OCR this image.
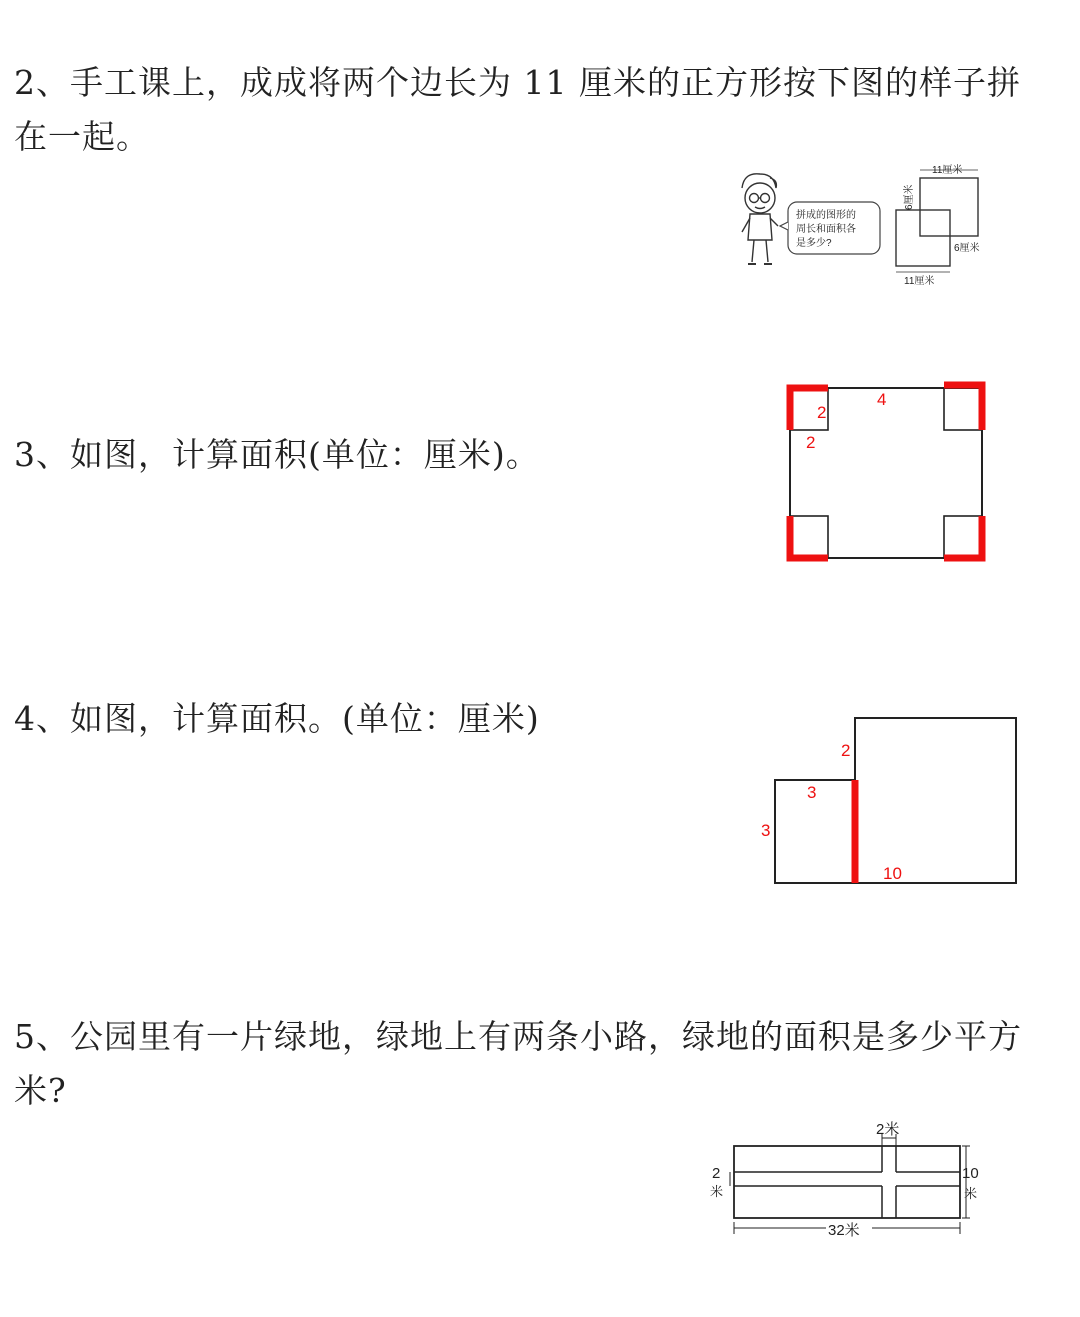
2、手工课上，成成将两个边长为 11 厘米的正方形按下图的样子拼在一起。
拼成的图形的
周长和面积各
是多少?
11厘米
6厘米
6厘米
11厘米
3、如图，计算面积(单位：厘米)。
2
4
2
4、如图，计算面积。(单位：厘米)
2
3
3
10
5、公园里有一片绿地，绿地上有两条小路，绿地的面积是多少平方米?
2米
2
米
10
米
32米
